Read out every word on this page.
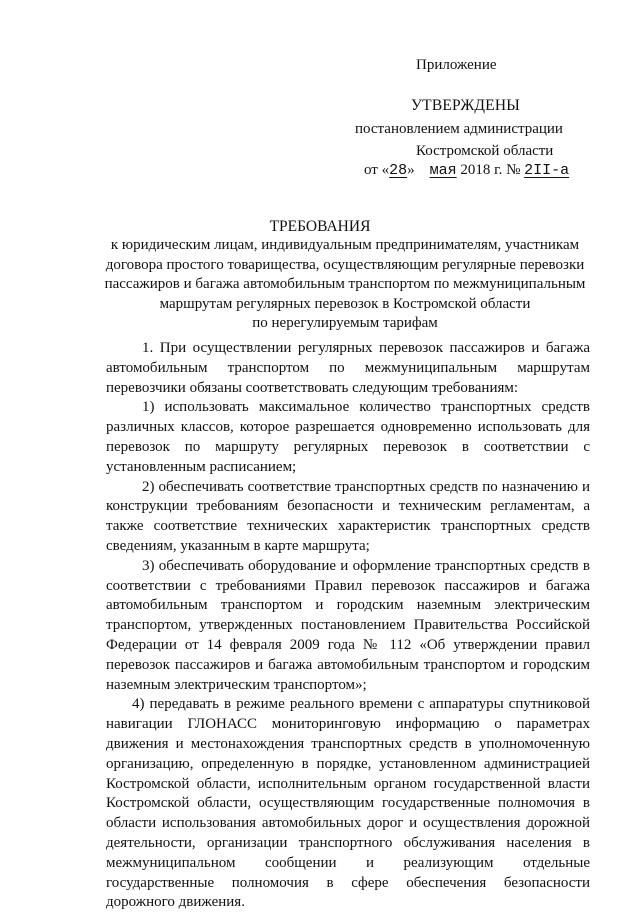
Приложение
УТВЕРЖДЕНЫ
постановлением администрации
Костромской области
от «28» мая 2018 г. № 2II-а
ТРЕБОВАНИЯ
к юридическим лицам, индивидуальным предпринимателям, участникам
договора простого товарищества, осуществляющим регулярные перевозки
пассажиров и багажа автомобильным транспортом по межмуниципальным
маршрутам регулярных перевозок в Костромской области
по нерегулируемым тарифам
1. При осуществлении регулярных перевозок пассажиров и багажа
автомобильным транспортом по межмуниципальным маршрутам
перевозчики обязаны соответствовать следующим требованиям:
1) использовать максимальное количество транспортных средств
различных классов, которое разрешается одновременно использовать для
перевозок по маршруту регулярных перевозок в соответствии с
установленным расписанием;
2) обеспечивать соответствие транспортных средств по назначению и
конструкции требованиям безопасности и техническим регламентам, а
также соответствие технических характеристик транспортных средств
сведениям, указанным в карте маршрута;
3) обеспечивать оборудование и оформление транспортных средств в
соответствии с требованиями Правил перевозок пассажиров и багажа
автомобильным транспортом и городским наземным электрическим
транспортом, утвержденных постановлением Правительства Российской
Федерации от 14 февраля 2009 года № 112 «Об утверждении правил
перевозок пассажиров и багажа автомобильным транспортом и городским
наземным электрическим транспортом»;
4) передавать в режиме реального времени с аппаратуры спутниковой
навигации ГЛОНАСС мониторинговую информацию о параметрах
движения и местонахождения транспортных средств в уполномоченную
организацию, определенную в порядке, установленном администрацией
Костромской области, исполнительным органом государственной власти
Костромской области, осуществляющим государственные полномочия в
области использования автомобильных дорог и осуществления дорожной
деятельности, организации транспортного обслуживания населения в
межмуниципальном сообщении и реализующим отдельные
государственные полномочия в сфере обеспечения безопасности
дорожного движения.
